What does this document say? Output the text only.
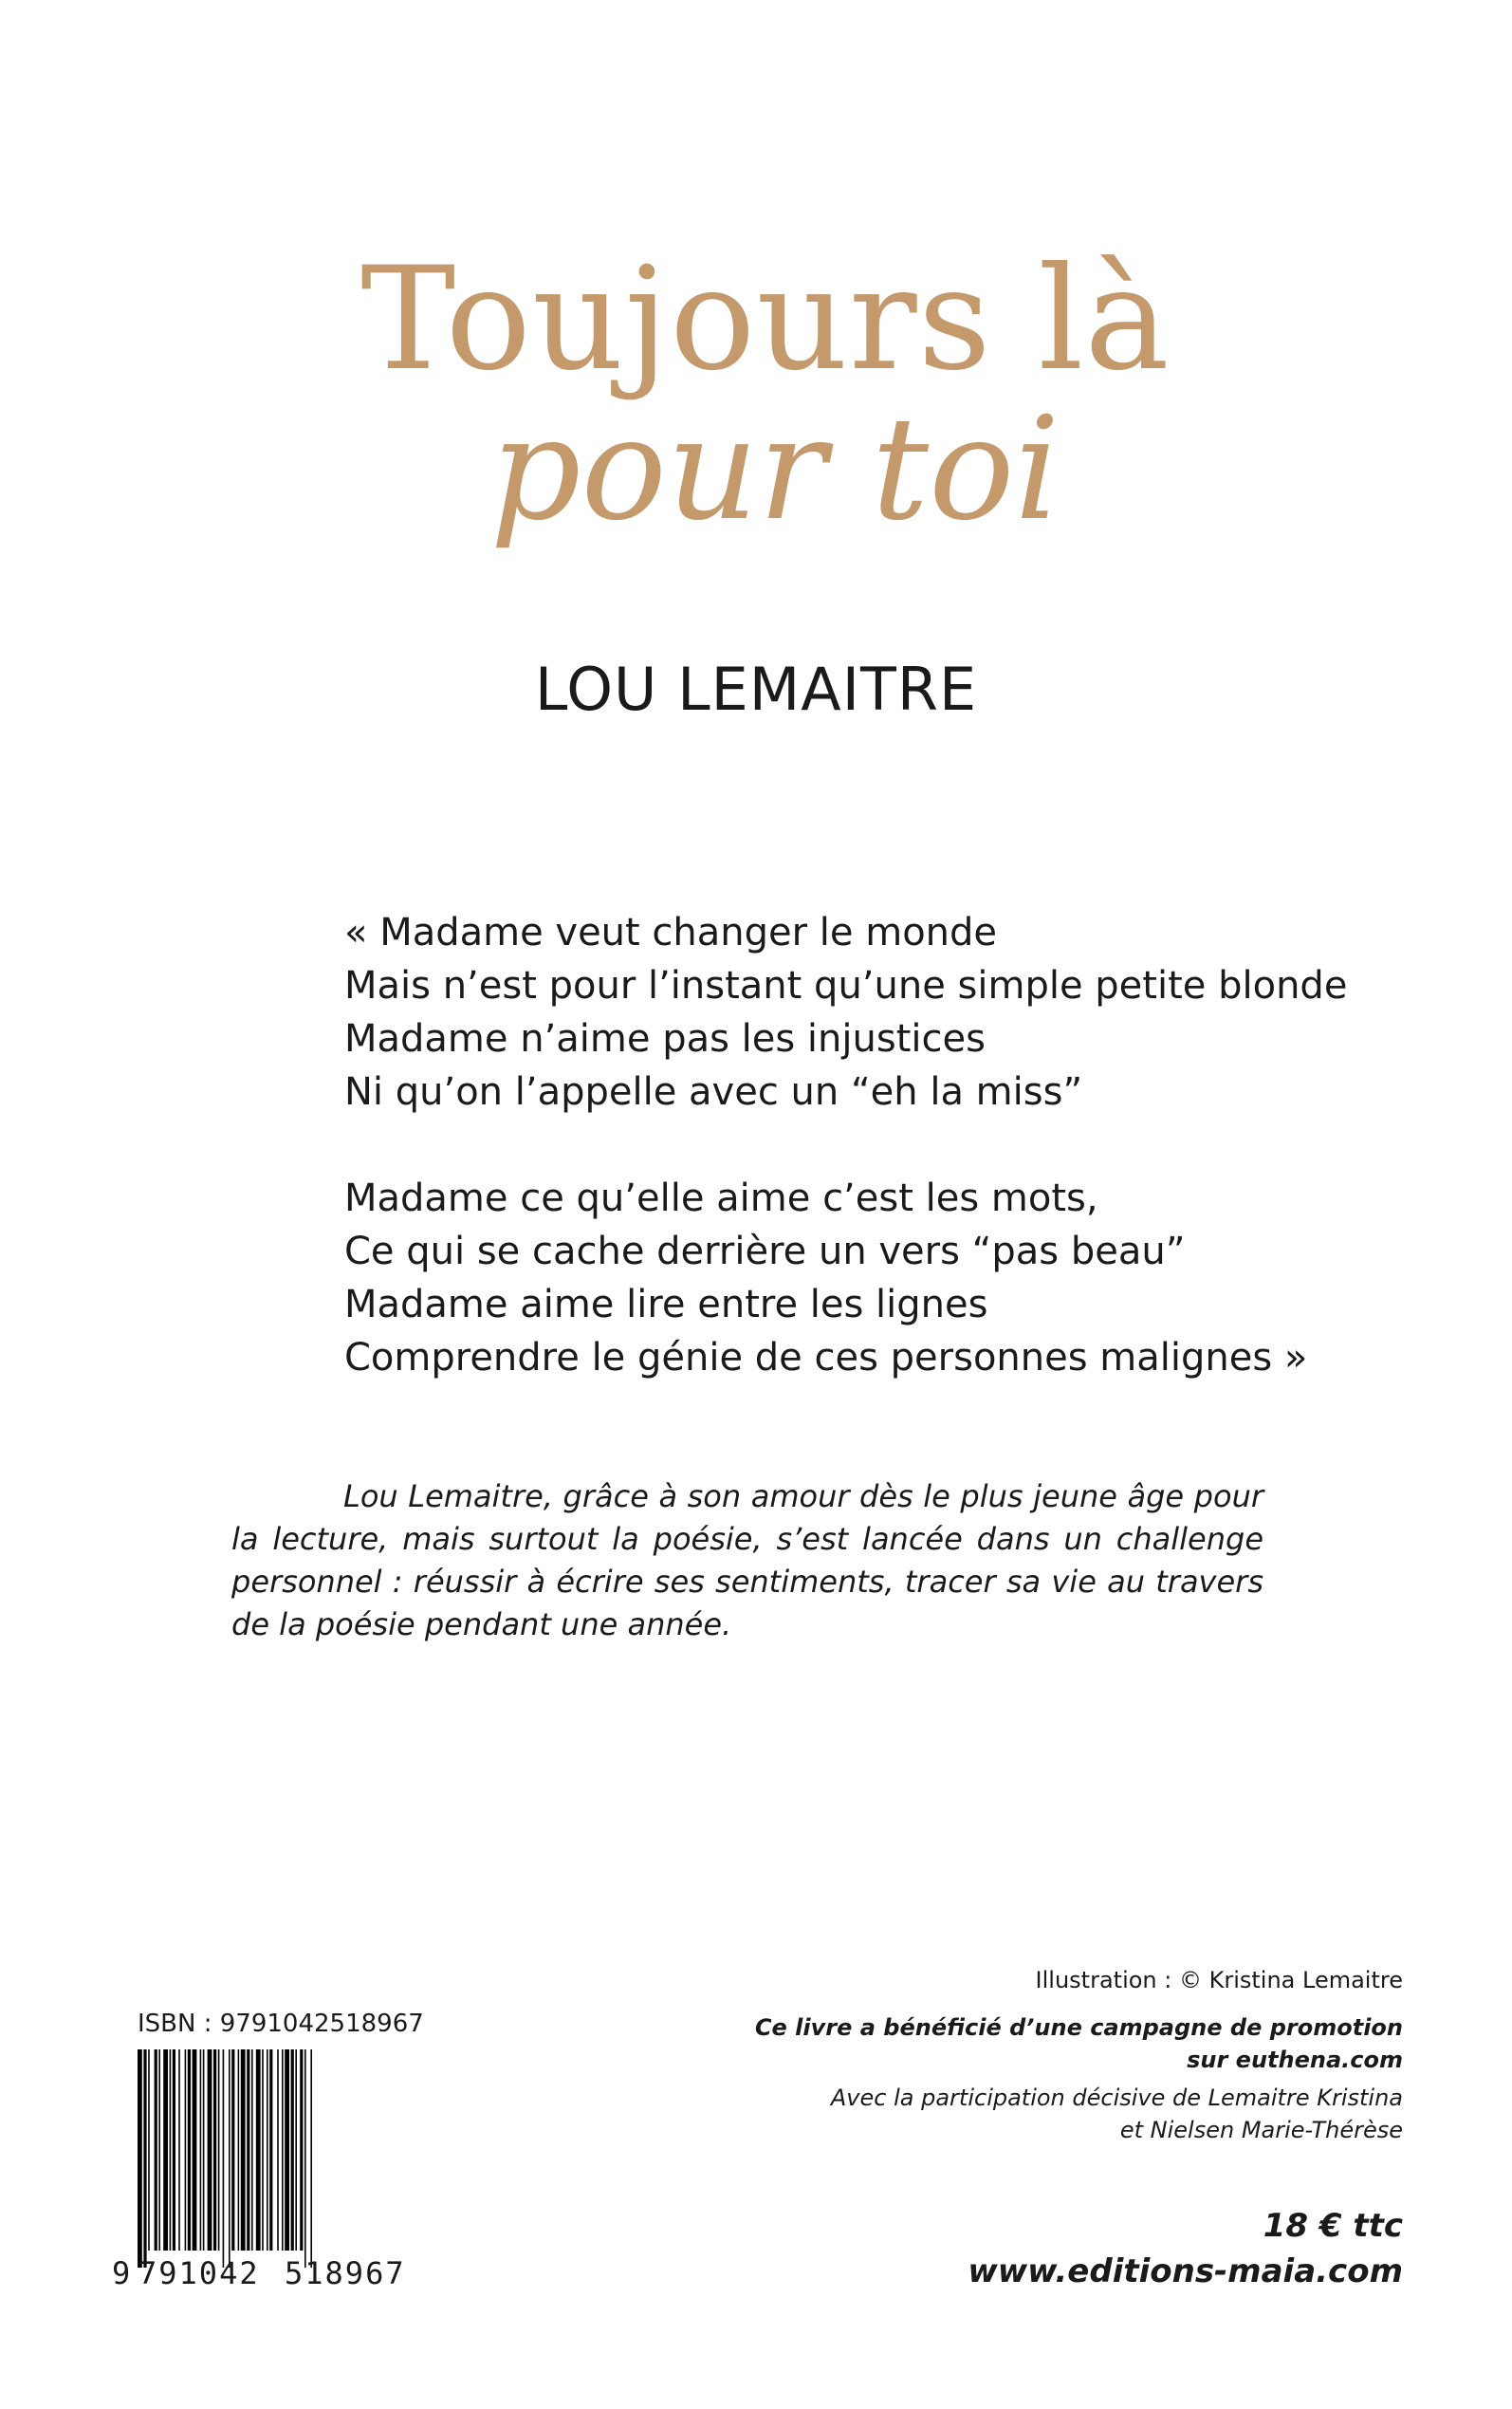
Toujours là
pour toi
LOU LEMAITRE
« Madame veut changer le monde
Mais n’est pour l’instant qu’une simple petite blonde
Madame n’aime pas les injustices
Ni qu’on l’appelle avec un “eh la miss”
Madame ce qu’elle aime c’est les mots,
Ce qui se cache derrière un vers “pas beau”
Madame aime lire entre les lignes
Comprendre le génie de ces personnes malignes »

Lou Lemaitre, grâce à son amour dès le plus jeune âge pour la lecture, mais surtout la poésie, s’est lancée dans un challenge personnel : réussir à écrire ses sentiments, tracer sa vie au travers de la poésie pendant une année.

Illustration : © Kristina Lemaitre
Ce livre a bénéficié d’une campagne de promotion
sur euthena.com
Avec la participation décisive de Lemaitre Kristina
et Nielsen Marie-Thérèse
18 € ttc
www.editions-maia.com
ISBN : 9791042518967
9 791042 518967
